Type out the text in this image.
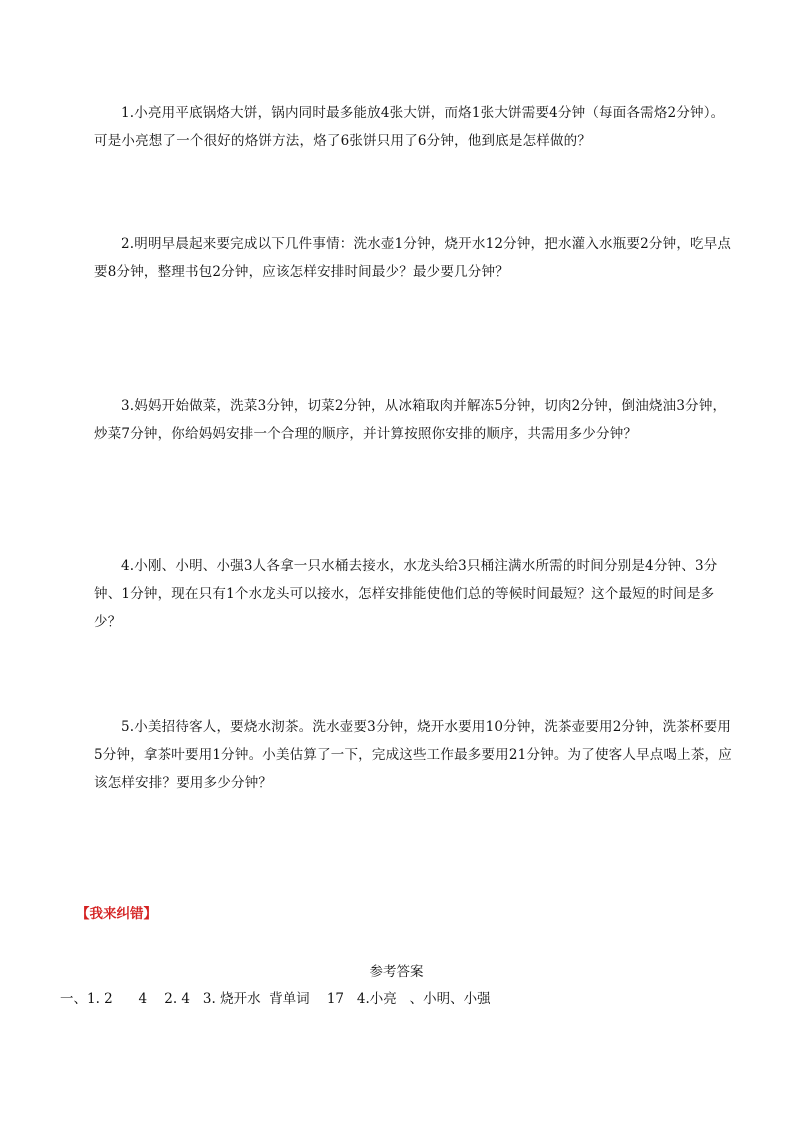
1.小亮用平底锅烙大饼，锅内同时最多能放4张大饼，而烙1张大饼需要4分钟（每面各需烙2分钟）。可是小亮想了一个很好的烙饼方法，烙了6张饼只用了6分钟，他到底是怎样做的？

2.明明早晨起来要完成以下几件事情：洗水壶1分钟，烧开水12分钟，把水灌入水瓶要2分钟，吃早点要8分钟，整理书包2分钟，应该怎样安排时间最少？最少要几分钟？

3.妈妈开始做菜，洗菜3分钟，切菜2分钟，从冰箱取肉并解冻5分钟，切肉2分钟，倒油烧油3分钟，炒菜7分钟，你给妈妈安排一个合理的顺序，并计算按照你安排的顺序，共需用多少分钟？

4.小刚、小明、小强3人各拿一只水桶去接水，水龙头给3只桶注满水所需的时间分别是4分钟、3分钟、1分钟，现在只有1个水龙头可以接水，怎样安排能使他们总的等候时间最短？这个最短的时间是多少？

5.小美招待客人，要烧水沏茶。洗水壶要3分钟，烧开水要用10分钟，洗茶壶要用2分钟，洗茶杯要用5分钟，拿茶叶要用1分钟。小美估算了一下，完成这些工作最多要用21分钟。为了使客人早点喝上茶，应该怎样安排？要用多少分钟？

【我来纠错】
参考答案
一、1. 2      4    2. 4   3. 烧开水  背单词    17   4.小亮   、小明、小强
